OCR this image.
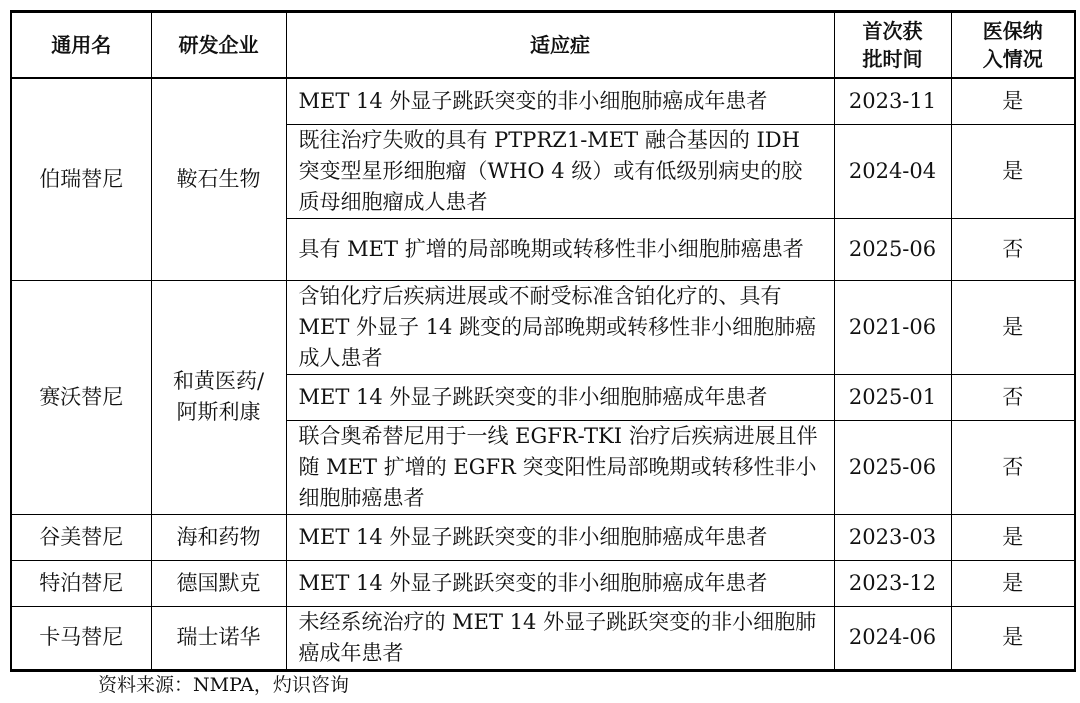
通用名	研发企业	适应症	首次获批时间	医保纳入情况
伯瑞替尼	鞍石生物	MET 14 外显子跳跃突变的非小细胞肺癌成年患者	2023-11	是
		既往治疗失败的具有 PTPRZ1-MET 融合基因的 IDH 突变型星形细胞瘤（WHO 4 级）或有低级别病史的胶质母细胞瘤成人患者	2024-04	是
		具有 MET 扩增的局部晚期或转移性非小细胞肺癌患者	2025-06	否
赛沃替尼	和黄医药/阿斯利康	含铂化疗后疾病进展或不耐受标准含铂化疗的、具有 MET 外显子 14 跳变的局部晚期或转移性非小细胞肺癌成人患者	2021-06	是
		MET 14 外显子跳跃突变的非小细胞肺癌成年患者	2025-01	否
		联合奥希替尼用于一线 EGFR-TKI 治疗后疾病进展且伴随 MET 扩增的 EGFR 突变阳性局部晚期或转移性非小细胞肺癌患者	2025-06	否
谷美替尼	海和药物	MET 14 外显子跳跃突变的非小细胞肺癌成年患者	2023-03	是
特泊替尼	德国默克	MET 14 外显子跳跃突变的非小细胞肺癌成年患者	2023-12	是
卡马替尼	瑞士诺华	未经系统治疗的 MET 14 外显子跳跃突变的非小细胞肺癌成年患者	2024-06	是
资料来源：NMPA，灼识咨询
